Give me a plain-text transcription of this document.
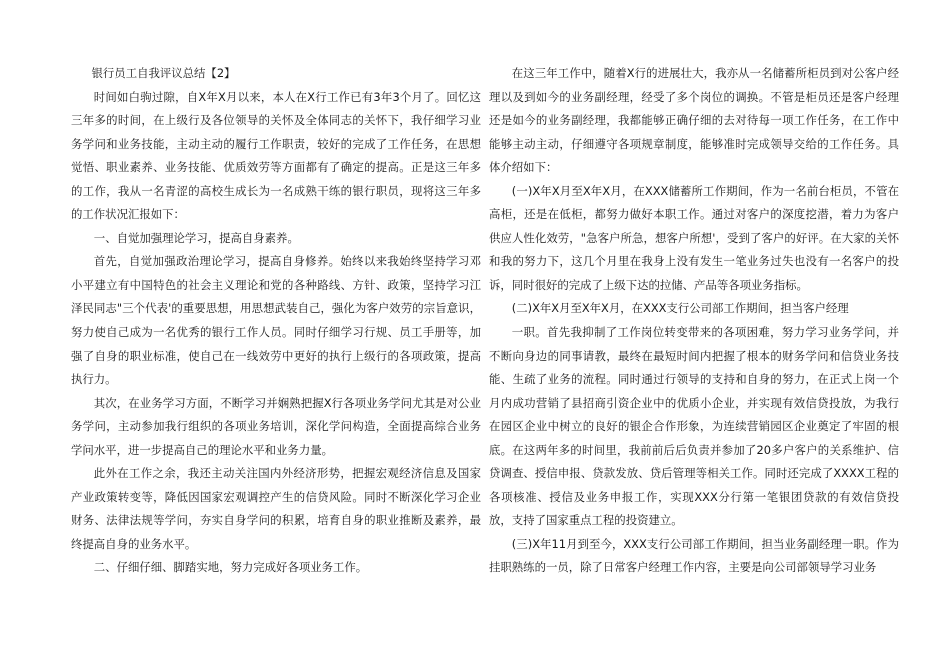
银行员工自我评议总结【2】

时间如白驹过隙，自X年X月以来，本人在X行工作已有3年3个月了。回忆这三年多的时间，在上级行及各位领导的关怀及全体同志的关怀下，我仔细学习业务学问和业务技能，主动主动的履行工作职责，较好的完成了工作任务，在思想觉悟、职业素养、业务技能、优质效劳等方面都有了确定的提高。正是这三年多的工作，我从一名青涩的高校生成长为一名成熟干练的银行职员，现将这三年多的工作状况汇报如下：

一、自觉加强理论学习，提高自身素养。

首先，自觉加强政治理论学习，提高自身修养。始终以来我始终坚持学习邓小平建立有中国特色的社会主义理论和党的各种路线、方针、政策，坚持学习江泽民同志"三个代表'的重要思想，用思想武装自己，强化为客户效劳的宗旨意识，努力使自己成为一名优秀的银行工作人员。同时仔细学习行规、员工手册等，加强了自身的职业标准，使自己在一线效劳中更好的执行上级行的各项政策，提高执行力。

其次，在业务学习方面，不断学习并娴熟把握X行各项业务学问尤其是对公业务学问，主动参加我行组织的各项业务培训，深化学问构造，全面提高综合业务学问水平，进一步提高自己的理论水平和业务力量。

此外在工作之余，我还主动关注国内外经济形势，把握宏观经济信息及国家产业政策转变等，降低因国家宏观调控产生的信贷风险。同时不断深化学习企业财务、法律法规等学问，夯实自身学问的积累，培育自身的职业推断及素养，最终提高自身的业务水平。

二、仔细仔细、脚踏实地，努力完成好各项业务工作。

在这三年工作中，随着X行的进展壮大，我亦从一名储蓄所柜员到对公客户经理以及到如今的业务副经理，经受了多个岗位的调换。不管是柜员还是客户经理还是如今的业务副经理，我都能够正确仔细的去对待每一项工作任务，在工作中能够主动主动，仔细遵守各项规章制度，能够准时完成领导交给的工作任务。具体介绍如下：

(一)X年X月至X年X月，在XXX储蓄所工作期间，作为一名前台柜员，不管在高柜，还是在低柜，都努力做好本职工作。通过对客户的深度挖潜，着力为客户供应人性化效劳，"急客户所急，想客户所想'，受到了客户的好评。在大家的关怀和我的努力下，这几个月里在我身上没有发生一笔业务过失也没有一名客户的投诉，同时很好的完成了上级下达的拉储、产品等各项业务指标。

(二)X年X月至X年X月，在XXX支行公司部工作期间，担当客户经理

一职。首先我抑制了工作岗位转变带来的各项困难，努力学习业务学问，并不断向身边的同事请教，最终在最短时间内把握了根本的财务学问和信贷业务技能、生疏了业务的流程。同时通过行领导的支持和自身的努力，在正式上岗一个月内成功营销了县招商引资企业中的优质小企业，并实现有效信贷投放，为我行在园区企业中树立的良好的银企合作形象，为连续营销园区企业奠定了牢固的根底。在这两年多的时间里，我前前后后负责并参加了20多户客户的关系维护、信贷调查、授信申报、贷款发放、贷后管理等相关工作。同时还完成了XXXX工程的各项核准、授信及业务申报工作，实现XXX分行第一笔银团贷款的有效信贷投放，支持了国家重点工程的投资建立。

(三)X年11月到至今，XXX支行公司部工作期间，担当业务副经理一职。作为挂职熟练的一员，除了日常客户经理工作内容，主要是向公司部领导学习业务
